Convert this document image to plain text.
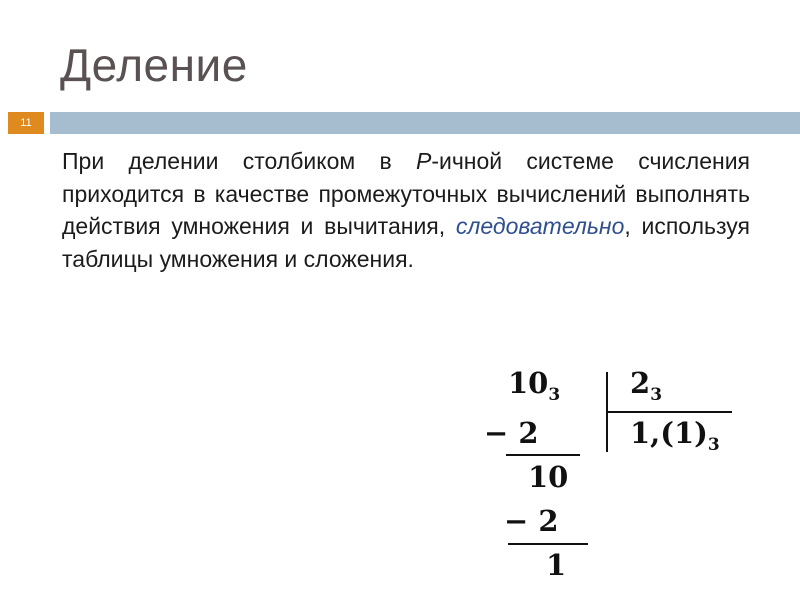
Деление
11
При делении столбиком в P-ичной системе счисления приходится в качестве промежуточных вычислений выполнять действия умножения и вычитания, следовательно, используя таблицы умножения и сложения.
$10_3$ $2_3$
− 2	$1,(1)_3$
10
− 2
1
